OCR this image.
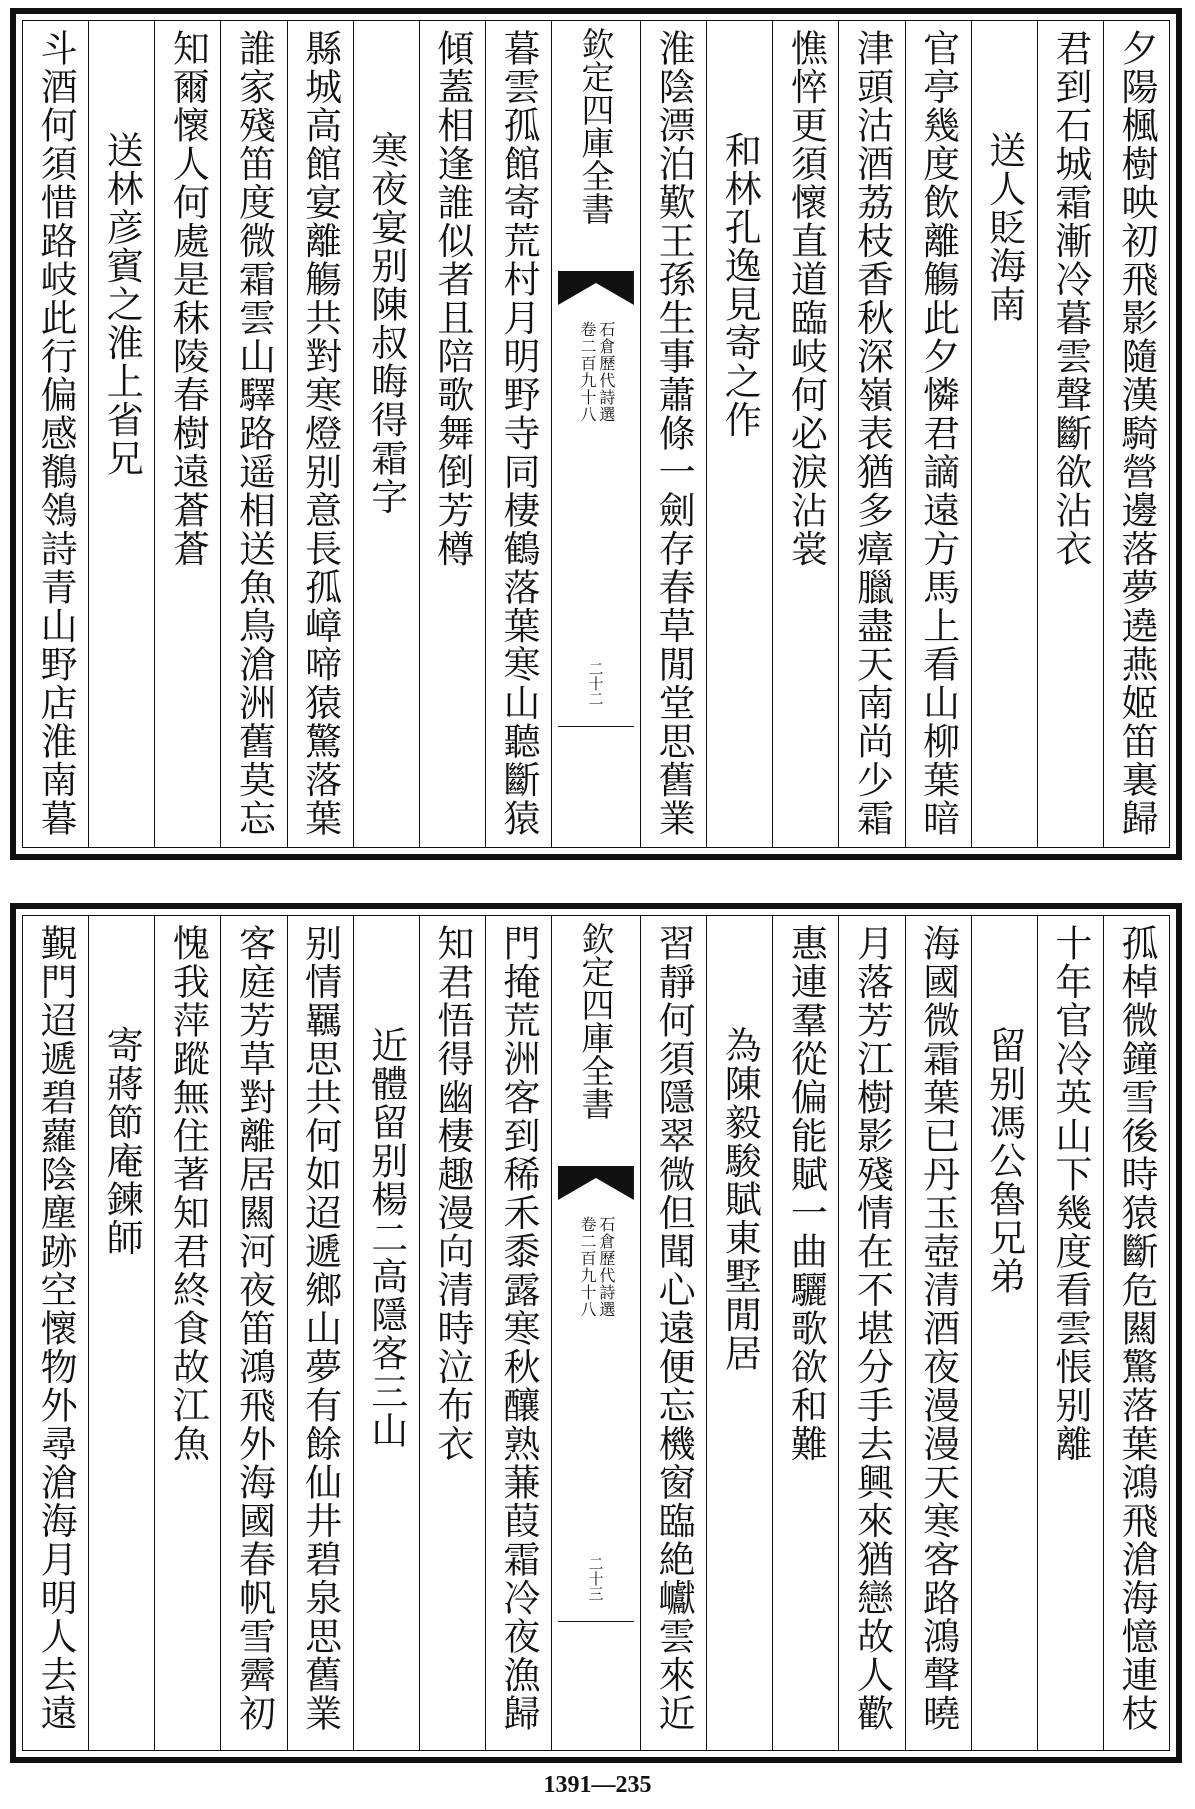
夕陽楓樹映初飛影隨漢騎營邊落夢遶燕姬笛裏歸
君到石城霜漸冷暮雲聲斷欲沾衣
送人貶海南
官亭幾度飲離觴此夕憐君謫遠方馬上看山柳葉暗
津頭沽酒荔枝香秋深嶺表猶多瘴臘盡天南尚少霜
憔悴更須懷直道臨岐何必淚沾裳
和林孔逸見寄之作
淮陰漂泊歎王孫生事蕭條一劍存春草閒堂思舊業
欽定四庫全書
石倉歷代詩選
卷二百九十八
二十二
暮雲孤館寄荒村月明野寺同棲鶴落葉寒山聽斷猿
傾蓋相逢誰似者且陪歌舞倒芳樽
寒夜宴别陳叔晦得霜字
縣城高館宴離觴共對寒燈别意長孤嶂啼猿驚落葉
誰家殘笛度微霜雲山驛路遥相送魚鳥滄洲舊莫忘
知爾懷人何處是秣陵春樹遠蒼蒼
送林彦賓之淮上省兄
斗酒何須惜路岐此行偏感鶺鴒詩青山野店淮南暮
孤棹微鐘雪後時猿斷危闗驚落葉鴻飛滄海憶連枝
十年官冷英山下幾度看雲悵别離
留别馮公魯兄弟
海國微霜葉已丹玉壺清酒夜漫漫天寒客路鴻聲曉
月落芳江樹影殘情在不堪分手去興來猶戀故人歡
惠連羣從偏能賦一曲驪歌欲和難
為陳毅駿賦東墅閒居
習靜何須隱翠微但聞心遠便忘機窗臨絶巘雲來近
欽定四庫全書
石倉歷代詩選
卷二百九十八
二十三
門掩荒洲客到稀禾黍露寒秋釀熟蒹葭霜冷夜漁歸
知君悟得幽棲趣漫向清時泣布衣
近體留别楊二高隱客三山
别情羈思共何如迢遞鄉山夢有餘仙井碧泉思舊業
客庭芳草對離居闗河夜笛鴻飛外海國春帆雪霽初
愧我萍蹤無住著知君終食故江魚
寄蔣節庵鍊師
覲門迢遞碧蘿陰塵跡空懷物外尋滄海月明人去遠
1391—235
